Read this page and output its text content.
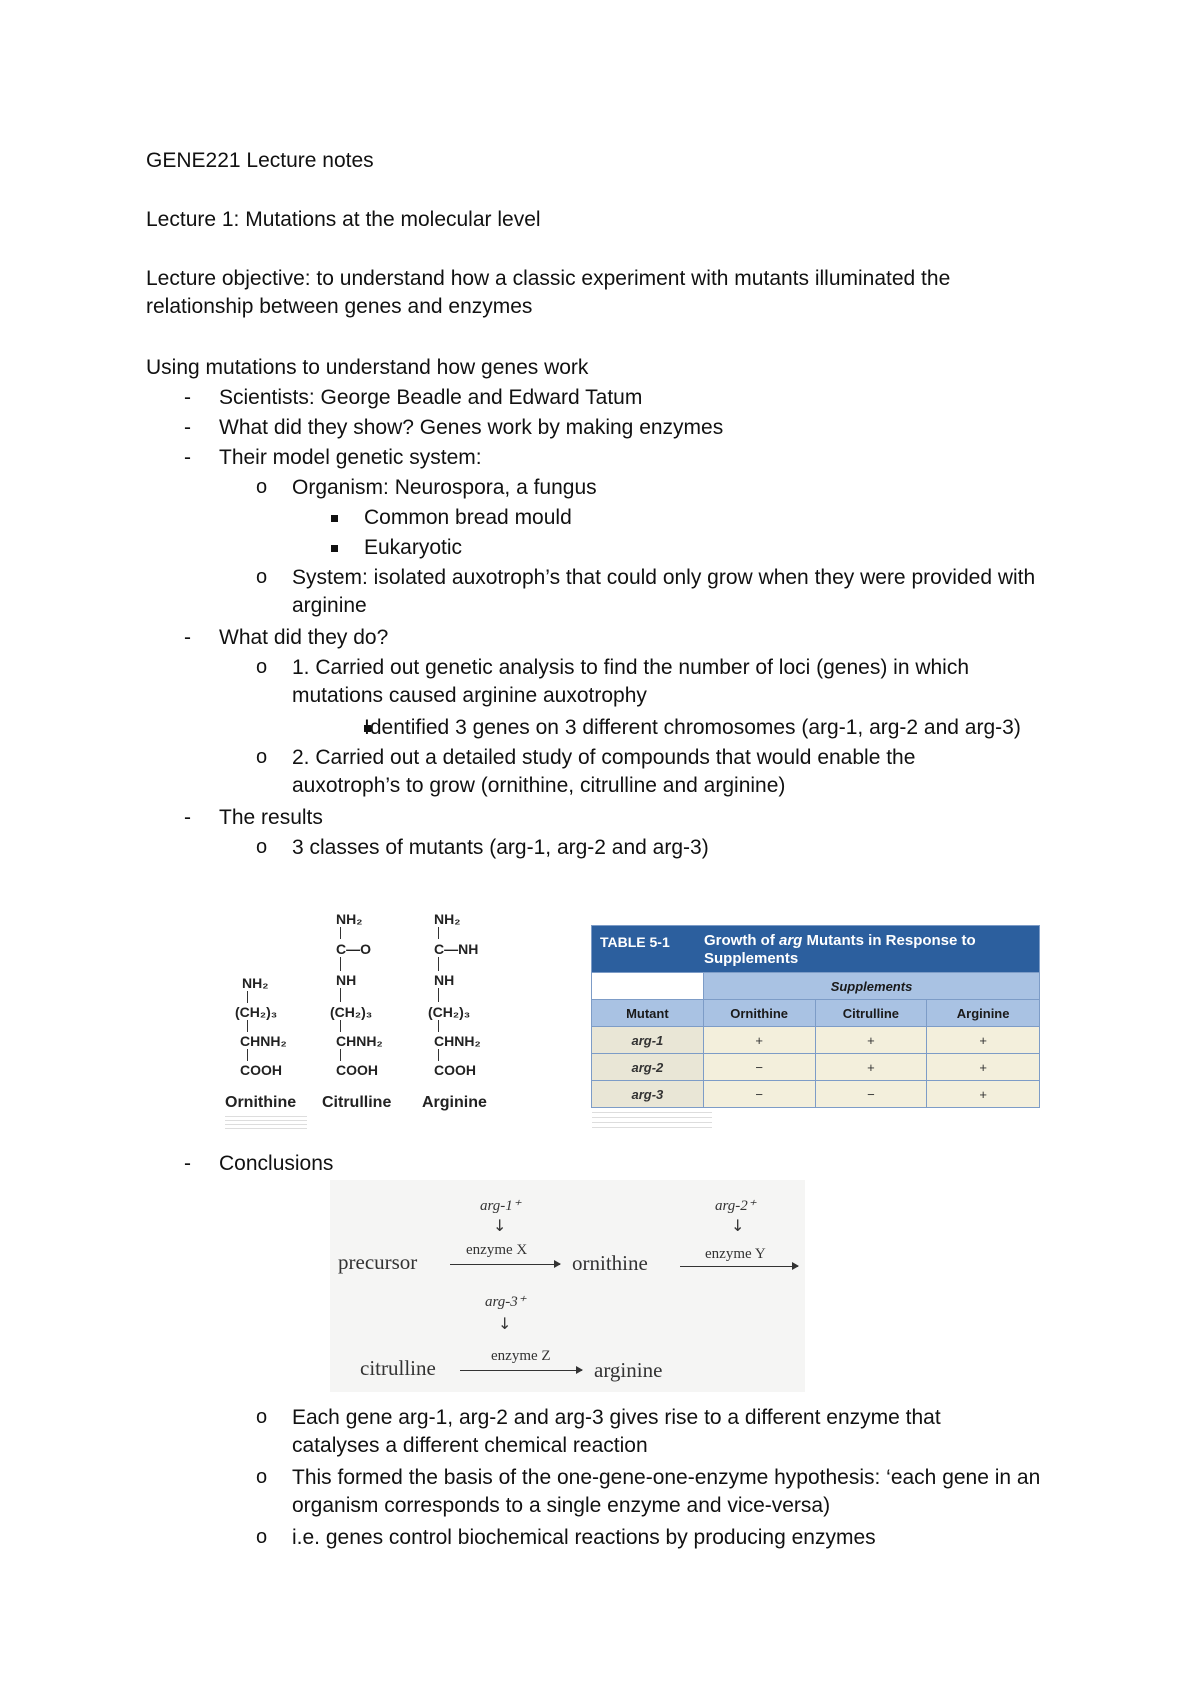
GENE221 Lecture notes
Lecture 1: Mutations at the molecular level
Lecture objective: to understand how a classic experiment with mutants illuminated the relationship between genes and enzymes
Using mutations to understand how genes work
- Scientists: George Beadle and Edward Tatum
- What did they show? Genes work by making enzymes
- Their model genetic system:
o Organism: Neurospora, a fungus
Common bread mould
Eukaryotic
o System: isolated auxotroph’s that could only grow when they were provided with arginine
- What did they do?
o 1. Carried out genetic analysis to find the number of loci (genes) in which mutations caused arginine auxotrophy
Identified 3 genes on 3 different chromosomes (arg-1, arg-2 and arg-3)
o 2. Carried out a detailed study of compounds that would enable the auxotroph’s to grow (ornithine, citrulline and arginine)
- The results
o 3 classes of mutants (arg-1, arg-2 and arg-3)
NH₂
(CH₂)₃
CHNH₂
COOH
NH₂
C—O
NH
(CH₂)₃
CHNH₂
COOH
NH₂
C—NH
NH
(CH₂)₃
CHNH₂
COOH
Ornithine Citrulline Arginine
TABLE 5-1 Growth of arg Mutants in Response to Supplements
Supplements
Mutant	Ornithine	Citrulline	Arginine
arg-1	+	+	+
arg-2	−	+	+
arg-3	−	−	+
- Conclusions
arg-1⁺
↓
arg-2⁺
↓
precursor	enzyme X
ornithine	enzyme Y
arg-3⁺
↓
citrulline	enzyme Z
arginine
o Each gene arg-1, arg-2 and arg-3 gives rise to a different enzyme that catalyses a different chemical reaction
o This formed the basis of the one-gene-one-enzyme hypothesis: ‘each gene in an organism corresponds to a single enzyme and vice-versa)
o i.e. genes control biochemical reactions by producing enzymes
